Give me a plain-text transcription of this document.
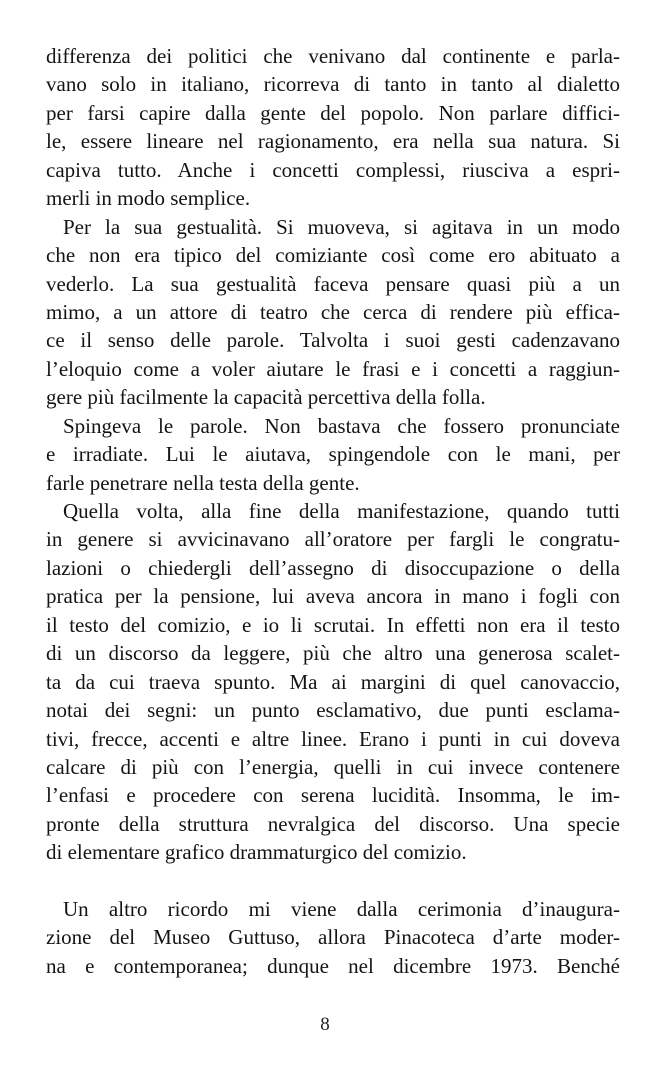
differenza dei politici che venivano dal continente e parla-
vano solo in italiano, ricorreva di tanto in tanto al dialetto
per farsi capire dalla gente del popolo. Non parlare diffici-
le, essere lineare nel ragionamento, era nella sua natura. Si
capiva tutto. Anche i concetti complessi, riusciva a espri-
merli in modo semplice.
Per la sua gestualità. Si muoveva, si agitava in un modo
che non era tipico del comiziante così come ero abituato a
vederlo. La sua gestualità faceva pensare quasi più a un
mimo, a un attore di teatro che cerca di rendere più effica-
ce il senso delle parole. Talvolta i suoi gesti cadenzavano
l’eloquio come a voler aiutare le frasi e i concetti a raggiun-
gere più facilmente la capacità percettiva della folla.
Spingeva le parole. Non bastava che fossero pronunciate
e irradiate. Lui le aiutava, spingendole con le mani, per
farle penetrare nella testa della gente.
Quella volta, alla fine della manifestazione, quando tutti
in genere si avvicinavano all’oratore per fargli le congratu-
lazioni o chiedergli dell’assegno di disoccupazione o della
pratica per la pensione, lui aveva ancora in mano i fogli con
il testo del comizio, e io li scrutai. In effetti non era il testo
di un discorso da leggere, più che altro una generosa scalet-
ta da cui traeva spunto. Ma ai margini di quel canovaccio,
notai dei segni: un punto esclamativo, due punti esclama-
tivi, frecce, accenti e altre linee. Erano i punti in cui doveva
calcare di più con l’energia, quelli in cui invece contenere
l’enfasi e procedere con serena lucidità. Insomma, le im-
pronte della struttura nevralgica del discorso. Una specie
di elementare grafico drammaturgico del comizio.
Un altro ricordo mi viene dalla cerimonia d’inaugura-
zione del Museo Guttuso, allora Pinacoteca d’arte moder-
na e contemporanea; dunque nel dicembre 1973. Benché
8
